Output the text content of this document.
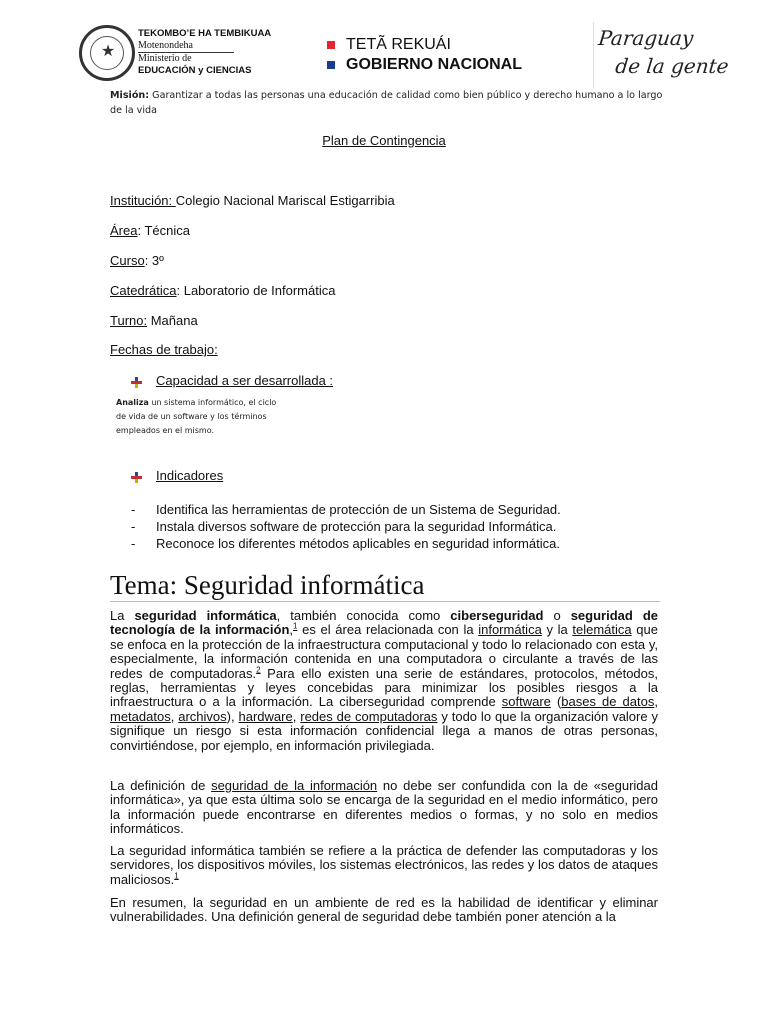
★
TEKOMBO’E HA TEMBIKUAA
Motenondeha
Ministerio de
EDUCACIÓN y CIENCIAS
TETÃ REKUÁI
GOBIERNO NACIONAL
Paraguay
de la gente
Misión: Garantizar a todas las personas una educación de calidad como bien público y derecho humano a lo largo de la vida
Plan de Contingencia
Institución: Colegio Nacional Mariscal Estigarribia
Área: Técnica
Curso: 3º
Catedrática: Laboratorio de Informática
Turno: Mañana
Fechas de trabajo:
Capacidad a ser desarrollada :
Analiza un sistema informático, el ciclo de vida de un software y los términos empleados en el mismo.
Indicadores
-	Identifica las herramientas de protección de un Sistema de Seguridad.
-	Instala diversos software de protección para la seguridad Informática.
-	Reconoce los diferentes métodos aplicables en seguridad informática.
Tema: Seguridad informática
La seguridad informática, también conocida como ciberseguridad o seguridad de tecnología de la información,$^1$ es el área relacionada con la informática y la telemática que se enfoca en la protección de la infraestructura computacional y todo lo relacionado con esta y, especialmente, la información contenida en una computadora o circulante a través de las redes de computadoras.$^2$ Para ello existen una serie de estándares, protocolos, métodos, reglas, herramientas y leyes concebidas para minimizar los posibles riesgos a la infraestructura o a la información. La ciberseguridad comprende software (bases de datos, metadatos, archivos), hardware, redes de computadoras y todo lo que la organización valore y signifique un riesgo si esta información confidencial llega a manos de otras personas, convirtiéndose, por ejemplo, en información privilegiada.
La definición de seguridad de la información no debe ser confundida con la de «seguridad informática», ya que esta última solo se encarga de la seguridad en el medio informático, pero la información puede encontrarse en diferentes medios o formas, y no solo en medios informáticos.
La seguridad informática también se refiere a la práctica de defender las computadoras y los servidores, los dispositivos móviles, los sistemas electrónicos, las redes y los datos de ataques maliciosos.$^1$
En resumen, la seguridad en un ambiente de red es la habilidad de identificar y eliminar vulnerabilidades. Una definición general de seguridad debe también poner atención a la
